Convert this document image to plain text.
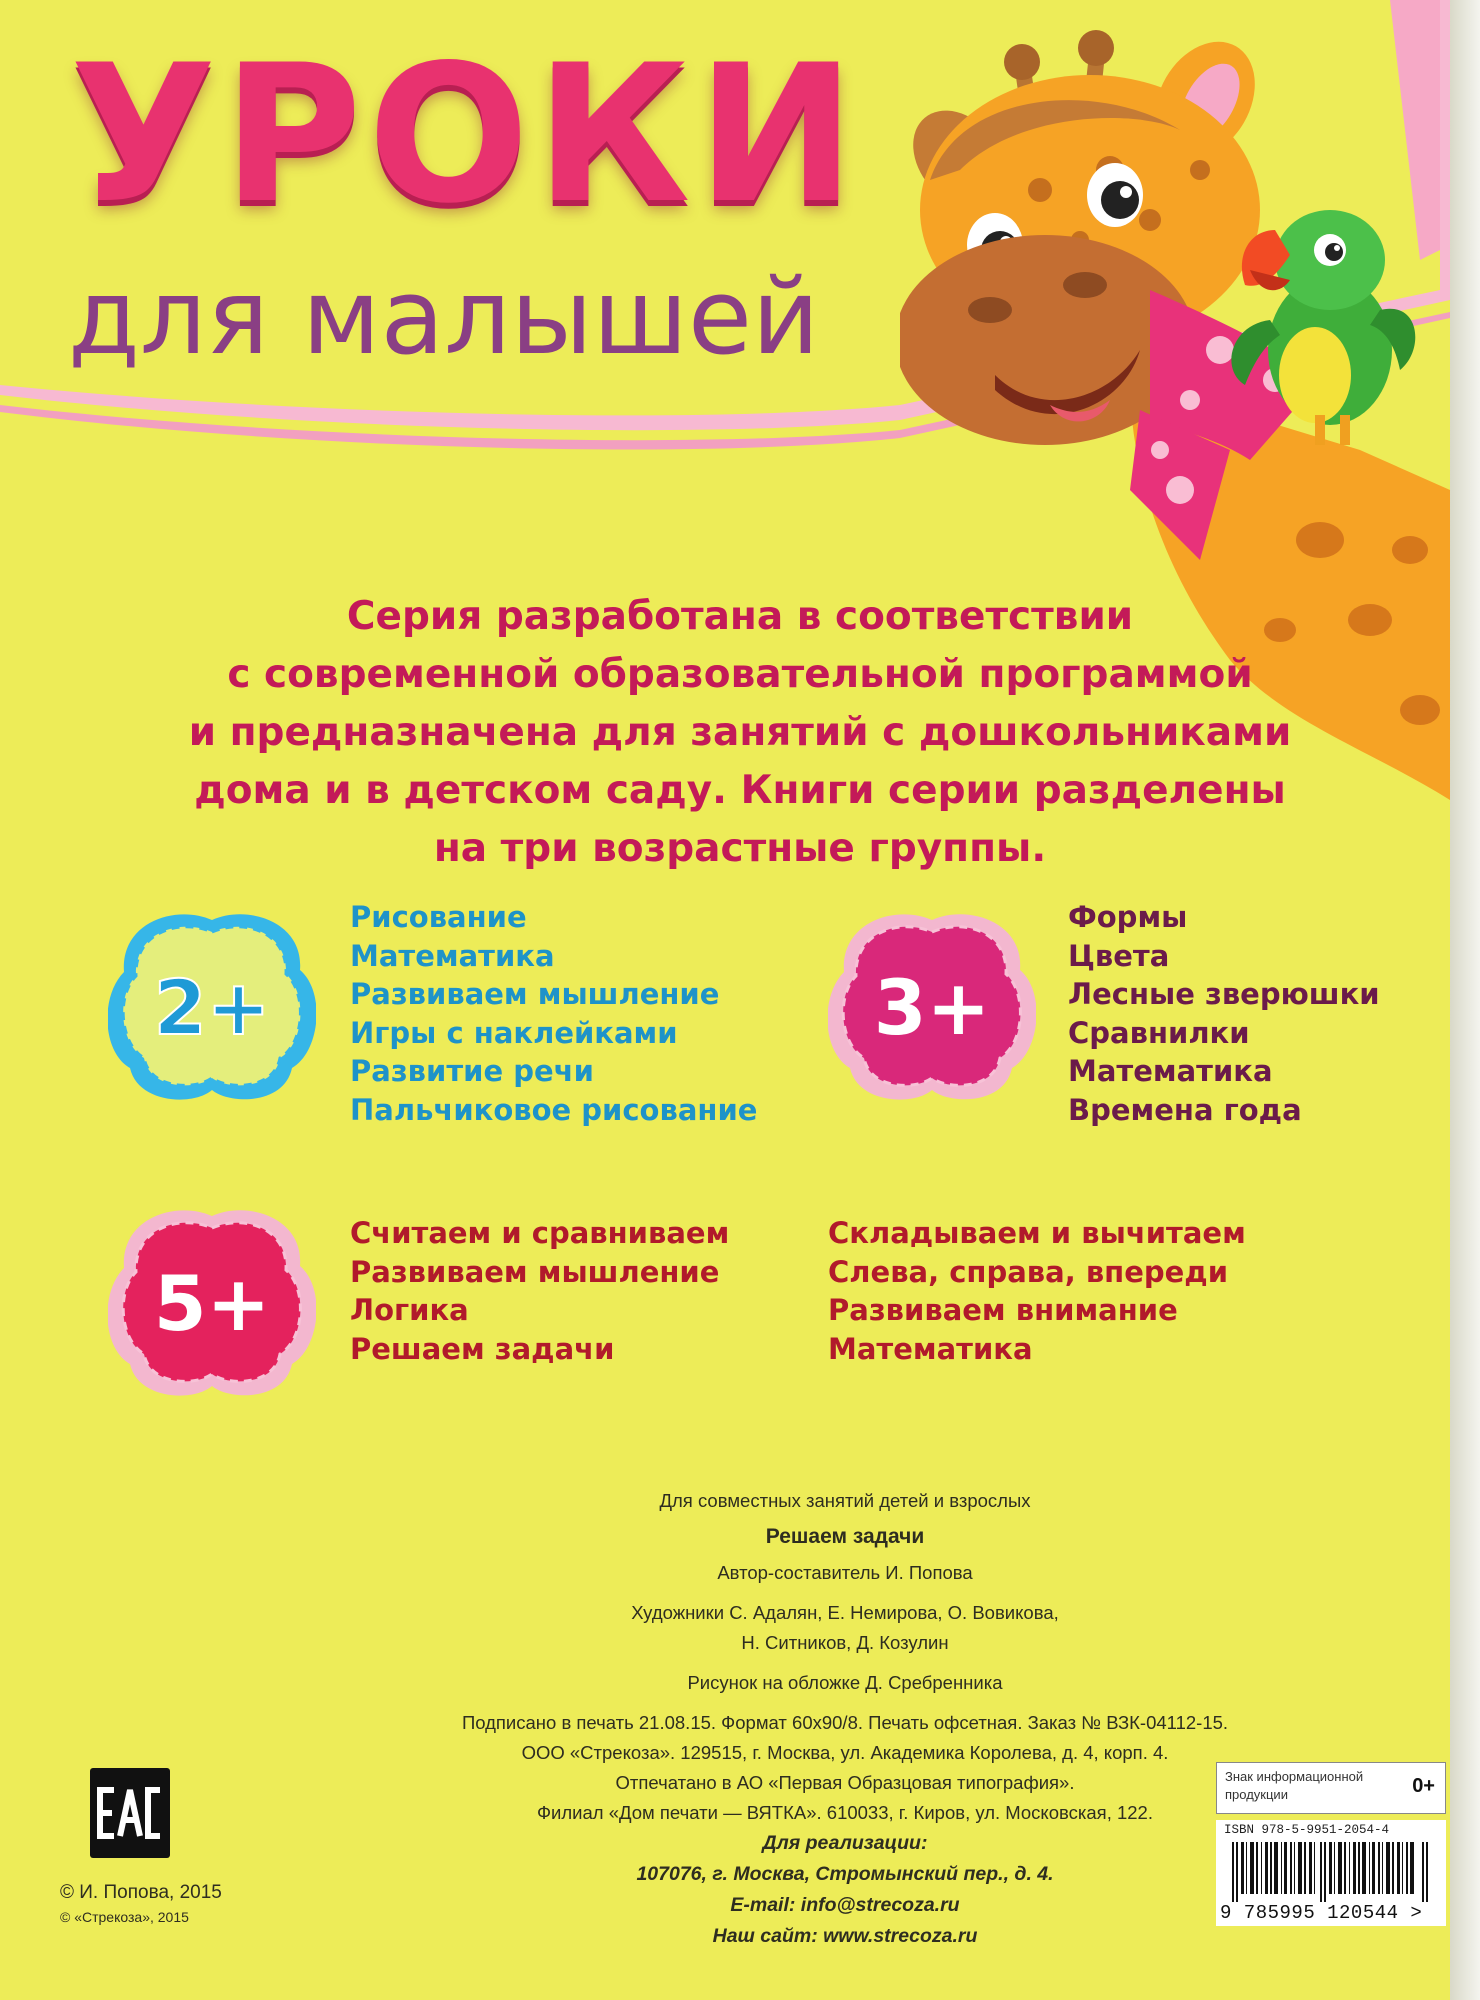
УРОКИ
для малышей
Серия разработана в соответствии
с современной образовательной программой
и предназначена для занятий с дошкольниками
дома и в детском саду. Книги серии разделены
на три возрастные группы.
2+
Рисование
Математика
Развиваем мышление
Игры с наклейками
Развитие речи
Пальчиковое рисование
3+
Формы
Цвета
Лесные зверюшки
Сравнилки
Математика
Времена года
5+
Считаем и сравниваем
Развиваем мышление
Логика
Решаем задачи
Складываем и вычитаем
Слева, справа, впереди
Развиваем внимание
Математика
Для совместных занятий детей и взрослых
Решаем задачи
Автор-составитель И. Попова
Художники С. Адалян, Е. Немирова, О. Вовикова,
Н. Ситников, Д. Козулин
Рисунок на обложке Д. Сребренника
Подписано в печать 21.08.15. Формат 60x90/8. Печать офсетная. Заказ № ВЗК-04112-15.
ООО «Стрекоза». 129515, г. Москва, ул. Академика Королева, д. 4, корп. 4.
Отпечатано в АО «Первая Образцовая типография».
Филиал «Дом печати — ВЯТКА». 610033, г. Киров, ул. Московская, 122.
Для реализации:
107076, г. Москва, Стромынский пер., д. 4.
E-mail: info@strecoza.ru
Наш сайт: www.strecoza.ru
© И. Попова, 2015
© «Стрекоза», 2015
Знак информационной продукции	0+
ISBN 978-5-9951-2054-4
9 785995 120544 >
